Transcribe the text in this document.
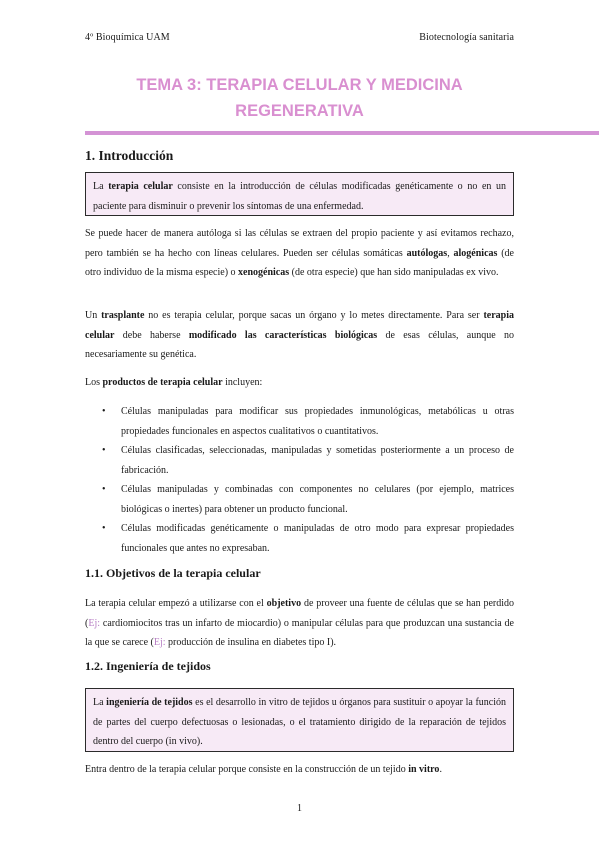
4º Bioquímica UAM	Biotecnología sanitaria
TEMA 3: TERAPIA CELULAR Y MEDICINA
REGENERATIVA
1. Introducción
La terapia celular consiste en la introducción de células modificadas genéticamente o no en un paciente para disminuir o prevenir los síntomas de una enfermedad.
Se puede hacer de manera autóloga si las células se extraen del propio paciente y así evitamos rechazo, pero también se ha hecho con líneas celulares. Pueden ser células somáticas autólogas, alogénicas (de otro individuo de la misma especie) o xenogénicas (de otra especie) que han sido manipuladas ex vivo.
Un trasplante no es terapia celular, porque sacas un órgano y lo metes directamente. Para ser terapia celular debe haberse modificado las características biológicas de esas células, aunque no necesariamente su genética.
Los productos de terapia celular incluyen:
• Células manipuladas para modificar sus propiedades inmunológicas, metabólicas u otras propiedades funcionales en aspectos cualitativos o cuantitativos.
• Células clasificadas, seleccionadas, manipuladas y sometidas posteriormente a un proceso de fabricación.
• Células manipuladas y combinadas con componentes no celulares (por ejemplo, matrices biológicas o inertes) para obtener un producto funcional.
• Células modificadas genéticamente o manipuladas de otro modo para expresar propiedades funcionales que antes no expresaban.
1.1. Objetivos de la terapia celular
La terapia celular empezó a utilizarse con el objetivo de proveer una fuente de células que se han perdido (Ej: cardiomiocitos tras un infarto de miocardio) o manipular células para que produzcan una sustancia de la que se carece (Ej: producción de insulina en diabetes tipo I).
1.2. Ingeniería de tejidos
La ingeniería de tejidos es el desarrollo in vitro de tejidos u órganos para sustituir o apoyar la función de partes del cuerpo defectuosas o lesionadas, o el tratamiento dirigido de la reparación de tejidos dentro del cuerpo (in vivo).
Entra dentro de la terapia celular porque consiste en la construcción de un tejido in vitro.
1
